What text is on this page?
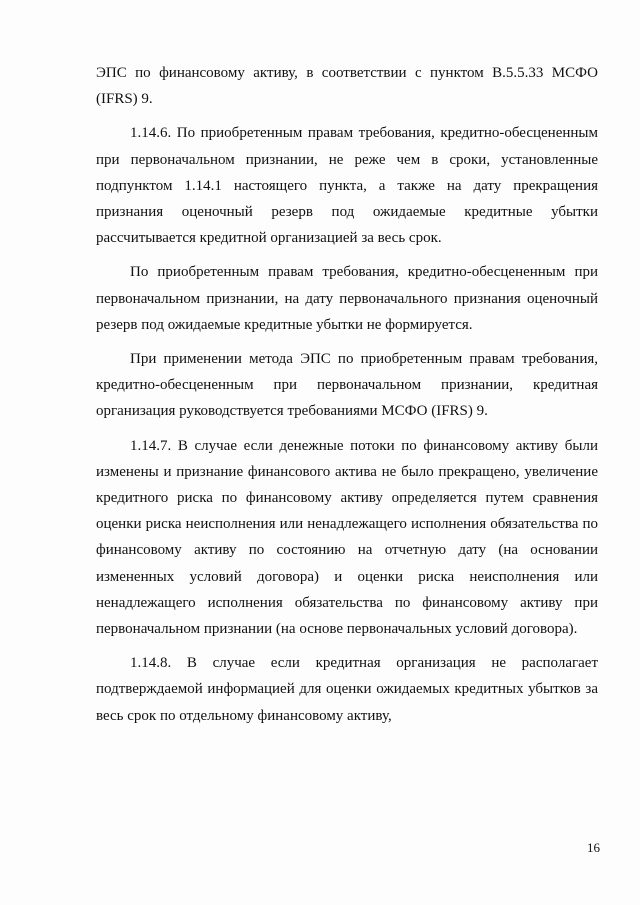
ЭПС по финансовому активу, в соответствии с пунктом B.5.5.33 МСФО (IFRS) 9.

1.14.6. По приобретенным правам требования, кредитно-обесцененным при первоначальном признании, не реже чем в сроки, установленные подпунктом 1.14.1 настоящего пункта, а также на дату прекращения признания оценочный резерв под ожидаемые кредитные убытки рассчитывается кредитной организацией за весь срок.

По приобретенным правам требования, кредитно-обесцененным при первоначальном признании, на дату первоначального признания оценочный резерв под ожидаемые кредитные убытки не формируется.

При применении метода ЭПС по приобретенным правам требования, кредитно-обесцененным при первоначальном признании, кредитная организация руководствуется требованиями МСФО (IFRS) 9.

1.14.7. В случае если денежные потоки по финансовому активу были изменены и признание финансового актива не было прекращено, увеличение кредитного риска по финансовому активу определяется путем сравнения оценки риска неисполнения или ненадлежащего исполнения обязательства по финансовому активу по состоянию на отчетную дату (на основании измененных условий договора) и оценки риска неисполнения или ненадлежащего исполнения обязательства по финансовому активу при первоначальном признании (на основе первоначальных условий договора).

1.14.8. В случае если кредитная организация не располагает подтверждаемой информацией для оценки ожидаемых кредитных убытков за весь срок по отдельному финансовому активу,

16
